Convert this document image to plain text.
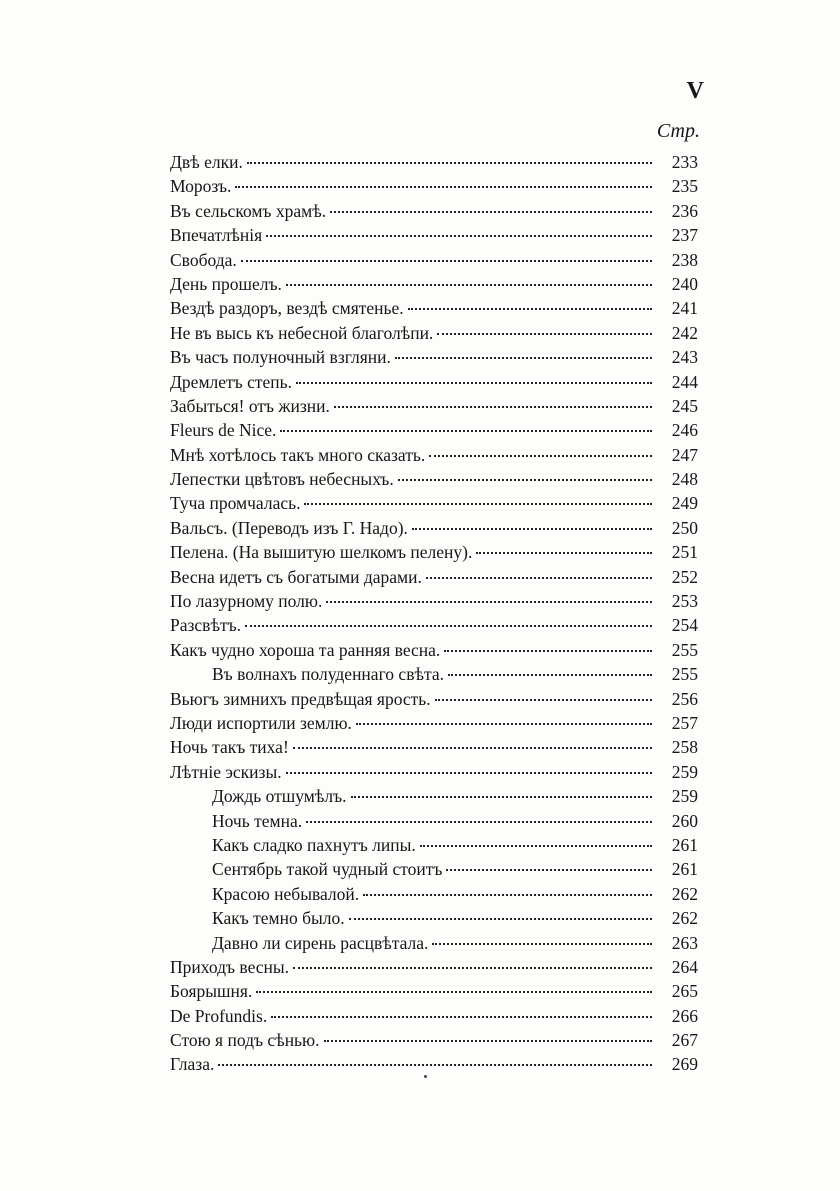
V
Стр.
Двѣ елки.	233
Морозъ.	235
Въ сельскомъ храмѣ.	236
Впечатлѣнія	237
Свобода.	238
День прошелъ.	240
Вездѣ раздоръ, вездѣ смятенье.	241
Не въ высь къ небесной благолѣпи.	242
Въ часъ полуночный взгляни.	243
Дремлетъ степь.	244
Забыться! отъ жизни.	245
Fleurs de Nice.	246
Мнѣ хотѣлось такъ много сказать.	247
Лепестки цвѣтовъ небесныхъ.	248
Туча промчалась.	249
Вальсъ. (Переводъ изъ Г. Надо).	250
Пелена. (На вышитую шелкомъ пелену).	251
Весна идетъ съ богатыми дарами.	252
По лазурному полю.	253
Разсвѣтъ.	254
Какъ чудно хороша та ранняя весна.	255
Въ волнахъ полуденнаго свѣта.	255
Вьюгъ зимнихъ предвѣщая ярость.	256
Люди испортили землю.	257
Ночь такъ тиха!	258
Лѣтніе эскизы.	259
Дождь отшумѣлъ.	259
Ночь темна.	260
Какъ сладко пахнутъ липы.	261
Сентябрь такой чудный стоитъ	261
Красою небывалой.	262
Какъ темно было.	262
Давно ли сирень расцвѣтала.	263
Приходъ весны.	264
Боярышня.	265
De Profundis.	266
Стою я подъ сѣнью.	267
Глаза.	269
